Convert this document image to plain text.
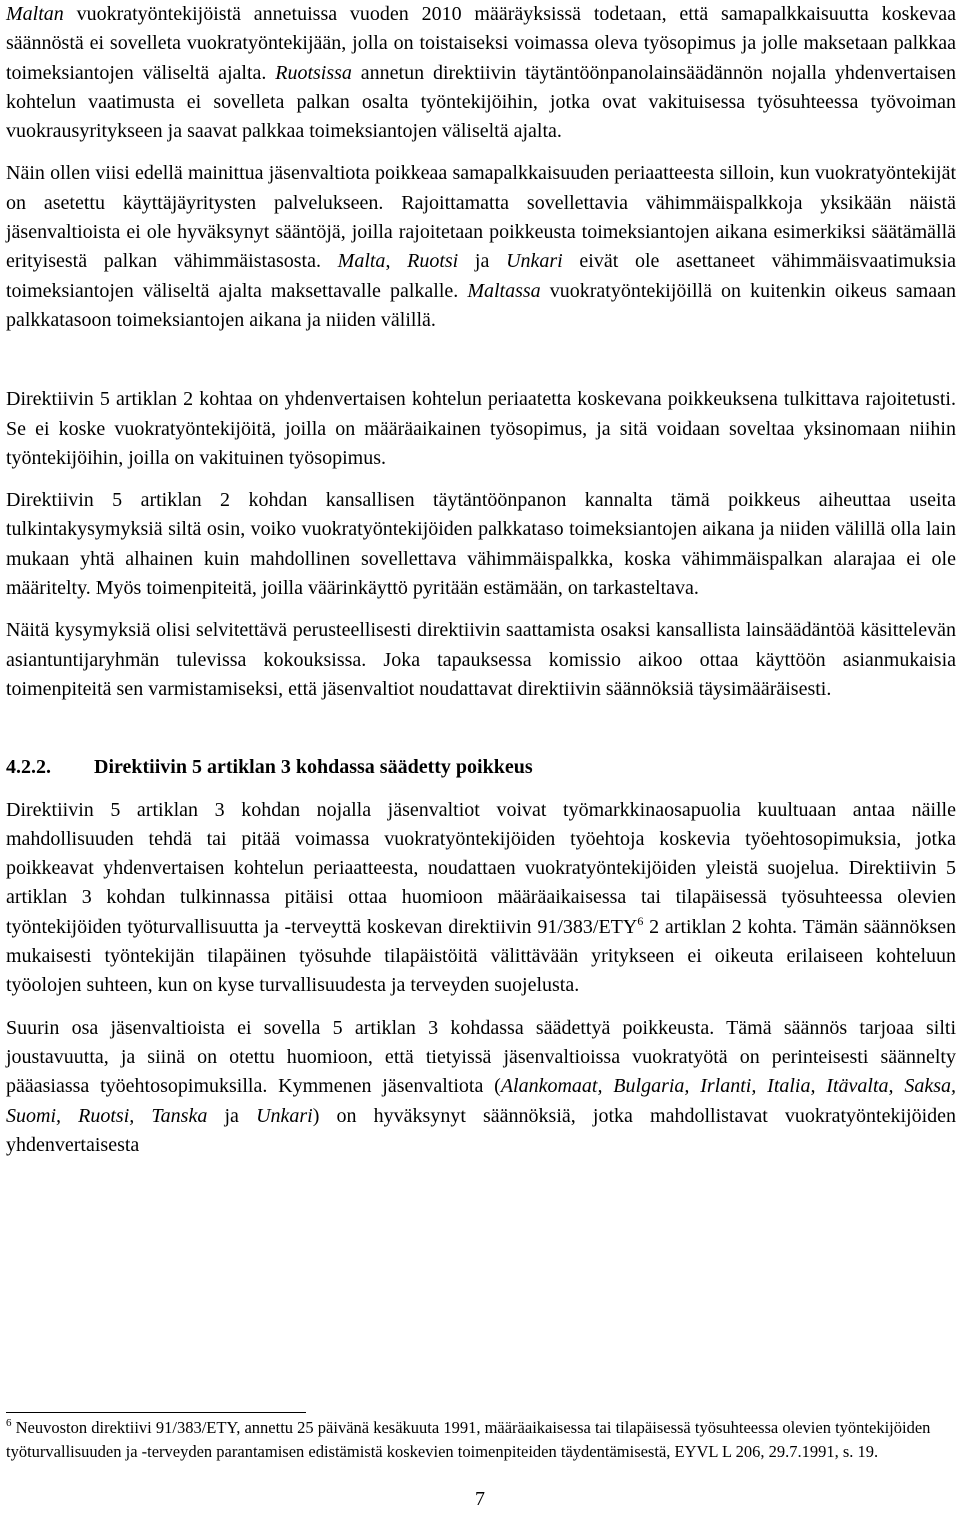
Maltan vuokratyöntekijöistä annetuissa vuoden 2010 määräyksissä todetaan, että samapalkkaisuutta koskevaa säännöstä ei sovelleta vuokratyöntekijään, jolla on toistaiseksi voimassa oleva työsopimus ja jolle maksetaan palkkaa toimeksiantojen väliseltä ajalta. Ruotsissa annetun direktiivin täytäntöönpanolainsäädännön nojalla yhdenvertaisen kohtelun vaatimusta ei sovelleta palkan osalta työntekijöihin, jotka ovat vakituisessa työsuhteessa työvoiman vuokrausyritykseen ja saavat palkkaa toimeksiantojen väliseltä ajalta.

Näin ollen viisi edellä mainittua jäsenvaltiota poikkeaa samapalkkaisuuden periaatteesta silloin, kun vuokratyöntekijät on asetettu käyttäjäyritysten palvelukseen. Rajoittamatta sovellettavia vähimmäispalkkoja yksikään näistä jäsenvaltioista ei ole hyväksynyt sääntöjä, joilla rajoitetaan poikkeusta toimeksiantojen aikana esimerkiksi säätämällä erityisestä palkan vähimmäistasosta. Malta, Ruotsi ja Unkari eivät ole asettaneet vähimmäisvaatimuksia toimeksiantojen väliseltä ajalta maksettavalle palkalle. Maltassa vuokratyöntekijöillä on kuitenkin oikeus samaan palkkatasoon toimeksiantojen aikana ja niiden välillä.

Direktiivin 5 artiklan 2 kohtaa on yhdenvertaisen kohtelun periaatetta koskevana poikkeuksena tulkittava rajoitetusti. Se ei koske vuokratyöntekijöitä, joilla on määräaikainen työsopimus, ja sitä voidaan soveltaa yksinomaan niihin työntekijöihin, joilla on vakituinen työsopimus.

Direktiivin 5 artiklan 2 kohdan kansallisen täytäntöönpanon kannalta tämä poikkeus aiheuttaa useita tulkintakysymyksiä siltä osin, voiko vuokratyöntekijöiden palkkataso toimeksiantojen aikana ja niiden välillä olla lain mukaan yhtä alhainen kuin mahdollinen sovellettava vähimmäispalkka, koska vähimmäispalkan alarajaa ei ole määritelty. Myös toimenpiteitä, joilla väärinkäyttö pyritään estämään, on tarkasteltava.

Näitä kysymyksiä olisi selvitettävä perusteellisesti direktiivin saattamista osaksi kansallista lainsäädäntöä käsittelevän asiantuntijaryhmän tulevissa kokouksissa. Joka tapauksessa komissio aikoo ottaa käyttöön asianmukaisia toimenpiteitä sen varmistamiseksi, että jäsenvaltiot noudattavat direktiivin säännöksiä täysimääräisesti.

4.2.2.	Direktiivin 5 artiklan 3 kohdassa säädetty poikkeus

Direktiivin 5 artiklan 3 kohdan nojalla jäsenvaltiot voivat työmarkkinaosapuolia kuultuaan antaa näille mahdollisuuden tehdä tai pitää voimassa vuokratyöntekijöiden työehtoja koskevia työehtosopimuksia, jotka poikkeavat yhdenvertaisen kohtelun periaatteesta, noudattaen vuokratyöntekijöiden yleistä suojelua. Direktiivin 5 artiklan 3 kohdan tulkinnassa pitäisi ottaa huomioon määräaikaisessa tai tilapäisessä työsuhteessa olevien työntekijöiden työturvallisuutta ja -terveyttä koskevan direktiivin 91/383/ETY$^6$ 2 artiklan 2 kohta. Tämän säännöksen mukaisesti työntekijän tilapäinen työsuhde tilapäistöitä välittävään yritykseen ei oikeuta erilaiseen kohteluun työolojen suhteen, kun on kyse turvallisuudesta ja terveyden suojelusta.

Suurin osa jäsenvaltioista ei sovella 5 artiklan 3 kohdassa säädettyä poikkeusta. Tämä säännös tarjoaa silti joustavuutta, ja siinä on otettu huomioon, että tietyissä jäsenvaltioissa vuokratyötä on perinteisesti säännelty pääasiassa työehtosopimuksilla. Kymmenen jäsenvaltiota (Alankomaat, Bulgaria, Irlanti, Italia, Itävalta, Saksa, Suomi, Ruotsi, Tanska ja Unkari) on hyväksynyt säännöksiä, jotka mahdollistavat vuokratyöntekijöiden yhdenvertaisesta

$^6$ Neuvoston direktiivi 91/383/ETY, annettu 25 päivänä kesäkuuta 1991, määräaikaisessa tai tilapäisessä työsuhteessa olevien työntekijöiden työturvallisuuden ja -terveyden parantamisen edistämistä koskevien toimenpiteiden täydentämisestä, EYVL L 206, 29.7.1991, s. 19.

7
